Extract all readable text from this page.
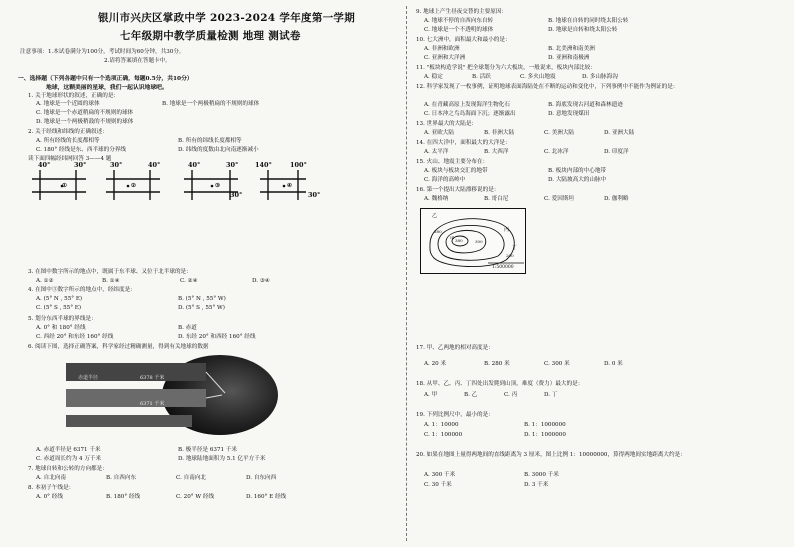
银川市兴庆区掌政中学 2023-2024 学年度第一学期
七年级期中教学质量检测 地理 测试卷
注意事项：1.本试卷满分为100分，考试时间为60分钟，共30分。
2.请将答案填在答题卡中。
一、选择题（下列各题中只有一个选项正确，每题0.5分，共10分）
地球，这颗美丽的星球，我们一起认识地球吧。
1. 关于地球形状的叙述，正确的是：
A. 地球是一个近圆的球体	B. 地球是一个两极稍扁的不规则的球体
C. 地球是一个赤道稍扁的不规则的球体
D. 地球是一个两极稍鼓的不规则的球体
2. 关于经线和纬线的正确叙述：
A. 所有经线的长度都相等	B. 所有的纬线长度都相等
C. 180° 经线是东、西半球的分界线	D. 纬线的度数由北向南逐渐减小
读下面四幅经纬网回答 3——4 题
40°	30°
①
30°	40°
②
40°	30°
③
140°	100°
④
30°	30°
3. 在图中数字所示的地点中，既属于东半球、又位于北半球的是：
A. ①②	B. ①④	C. ②④	D. ③④
4. 在图中③数字所示的地点中，经纬度是：
A. (5° N , 55° E)	B. (5° N , 55° W)
C. (5° S , 55° E)	D. (5° S , 55° W)
5. 划分东西半球的界线是：
A. 0° 和 180° 经线	B. 赤道
C. 西经 20° 和东经 160° 经线	D. 东经 20° 和西经 160° 经线
6. 阅读下图，选择正确答案，科学家经过精确测量，得到有关地球的数据
6378 千米
6371 千米
赤道半径
A. 赤道半径是 6371 千米	B. 极半径是 6371 千米
C. 赤道周长约为 4 万千米	D. 地球陆地面积为 5.1 亿平方千米
7. 地球自转和公转的方向都是：
A. 自北向南	B. 自西向东	C. 自南向北	D. 自东向西
8. 本初子午线是：
A. 0° 经线	B. 180° 经线	C. 20° W 经线	D. 160° E 经线
9. 地球上产生昼夜交替的主要原因：
A. 地球不停的自西向东自转	B. 地球在自转的同时绕太阳公转
C. 地球是一个不透明的球体	D. 地球是自转和绕太阳公转
10. 七大洲中，面积最大和最小的是：
A. 非洲和欧洲	B. 北美洲和南美洲
C. 亚洲和大洋洲	D. 亚洲和南极洲
11. "板块构造学说" 把全球划分为六大板块，一般说来，板块内部比较：
A. 稳定	B. 活跃	C. 多火山地震	D. 多山脉海沟
12. 科学家发现了一枚事例，证明地球表面海陆处在不断的运动和变化中，下列事例中不能作为例证的是：
A. 在青藏高原上发现海洋生物化石	B. 海底发现古河道和森林遗迹
C. 日本沖之鸟岛海面下沉；逐渐露出	D. 意地发现煤田
13. 世界最大的大陆是：
A. 亚欧大陆	B. 非洲大陆	C. 美洲大陆	D. 亚洲大陆
14. 在四大洋中，面积最大的大洋是：
A. 太平洋	B. 大西洋	C. 北冰洋	D. 印度洋
15. 火山、地震主要分布在：
A. 板块与板块交汇的地带	B. 板块内部的中心地带
C. 海洋的高岭中	D. 大陆坡高大的山脉中
16. 第一个提出大陆漂移说的是：
A. 魏格纳	B. 哥白尼	C. 爱因斯坦	D. 伽利略
乙
甲
丙
丁
380
280
300
200
1:500000
17. 甲、乙两地的相对高度是：
A. 20 米	B. 280 米	C. 300 米	D. 0 米
18. 从甲、乙、丙、丁四处出发爬到山顶，难度（费力）最大的是：
A. 甲	B. 乙	C. 丙	D. 丁
19. 下列比例尺中，最小的是：
A. 1：10000	B. 1：1000000
C. 1：100000	D. 1：1000000
20. 如果在地图上量得两地间的直线距离为 3 厘米，图上比例 1：10000000，算得两地间实地距离大约是：
A. 300 千米	B. 3000 千米
C. 30 千米	D. 3 千米
